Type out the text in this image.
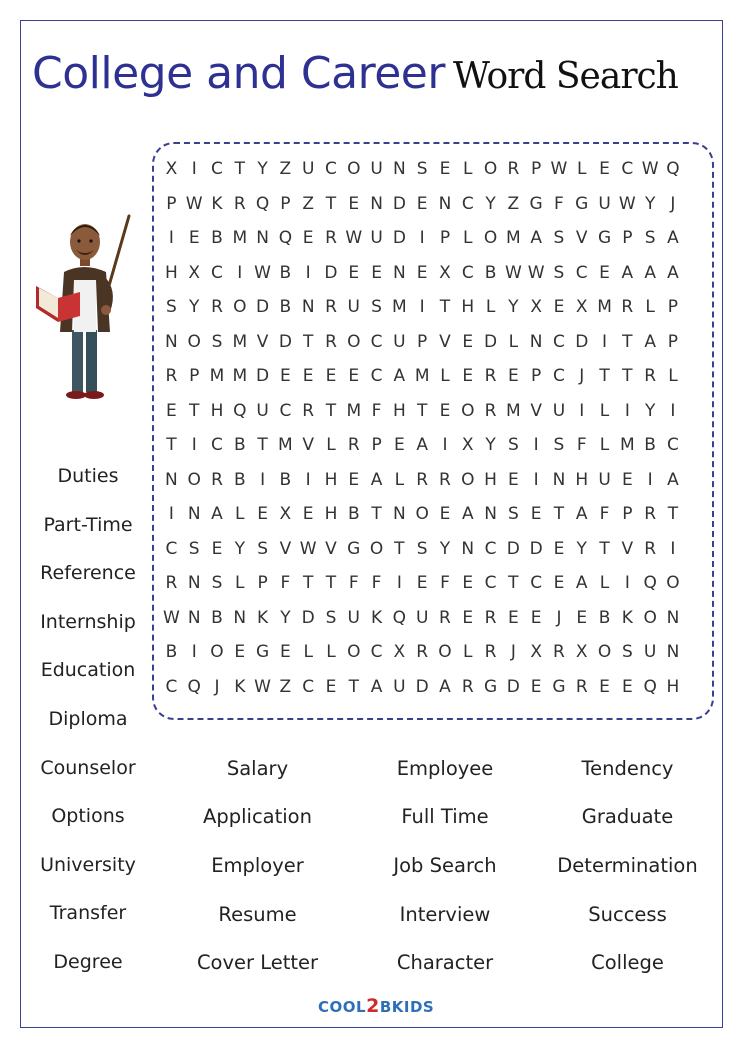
College and Career Word Search
X I C T Y Z U C O U N S E L O R P W L E C W Q
P W K R Q P Z T E N D E N C Y Z G F G U W Y J
I E B M N Q E R W U D I P L O M A S V G P S A
H X C I W B I D E E N E X C B W W S C E A A A
S Y R O D B N R U S M I T H L Y X E X M R L P
N O S M V D T R O C U P V E D L N C D I T A P
R P M M D E E E E C A M L E R E P C J T T R L
E T H Q U C R T M F H T E O R M V U I L I Y I
T I C B T M V L R P E A I X Y S I S F L M B C
N O R B I B I H E A L R R O H E I N H U E I A
I N A L E X E H B T N O E A N S E T A F P R T
C S E Y S V W V G O T S Y N C D D E Y T V R I
R N S L P F T T F F I E F E C T C E A L I Q O
W N B N K Y D S U K Q U R E R E E J E B K O N
B I O E G E L L O C X R O L R J X R X O S U N
C Q J K W Z C E T A U D A R G D E G R E E Q H
Duties
Part-Time
Reference
Internship
Education
Diploma
Counselor
Options
University
Transfer
Degree
Salary	Employee	Tendency
Application	Full Time	Graduate
Employer	Job Search	Determination
Resume	Interview	Success
Cover Letter	Character	College
COOL2BKIDS
